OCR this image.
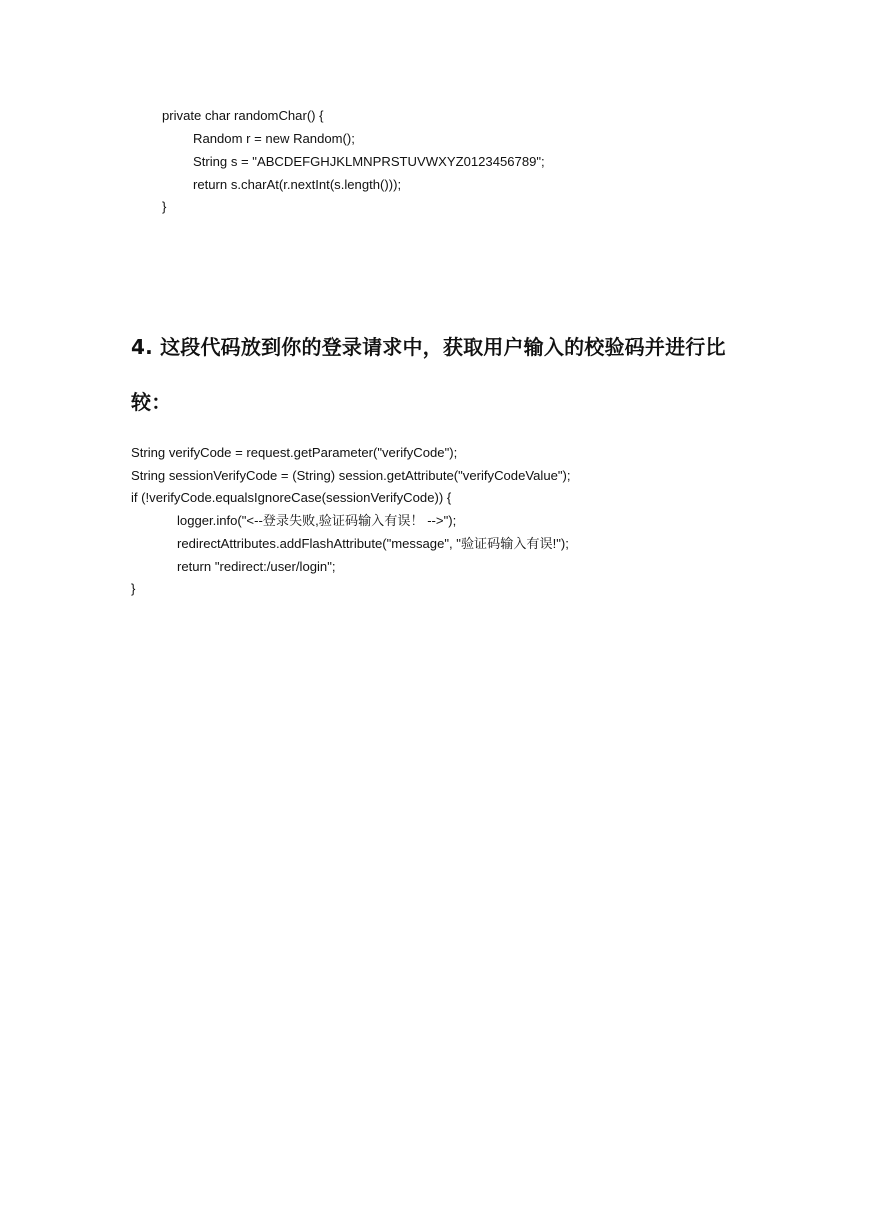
private char randomChar() {
Random r = new Random();
String s = "ABCDEFGHJKLMNPRSTUVWXYZ0123456789";
return s.charAt(r.nextInt(s.length()));
}
4. 这段代码放到你的登录请求中，获取用户输入的校验码并进行比
较：
String verifyCode = request.getParameter("verifyCode");
String sessionVerifyCode = (String) session.getAttribute("verifyCodeValue");
if (!verifyCode.equalsIgnoreCase(sessionVerifyCode)) {
logger.info("<--登录失败,验证码输入有误！ -->");
redirectAttributes.addFlashAttribute("message", "验证码输入有误!");
return "redirect:/user/login";
}
